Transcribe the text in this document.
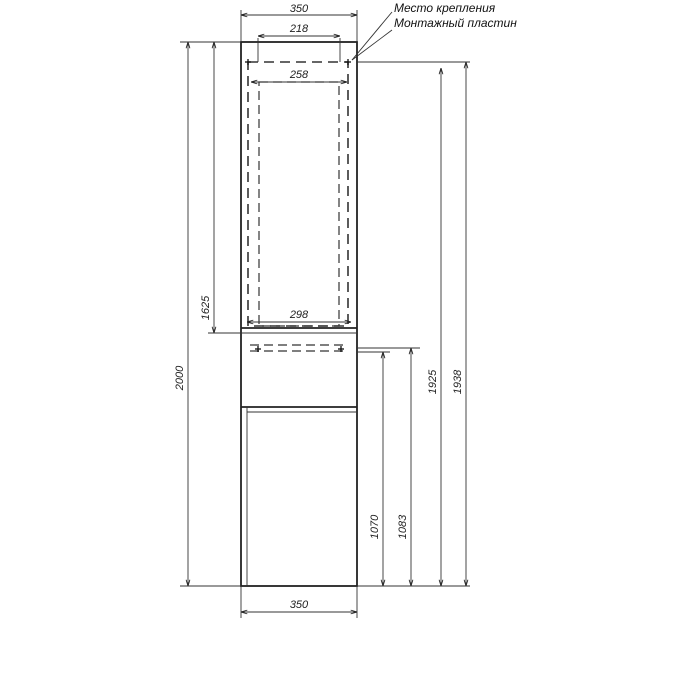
350
218
258
298
350
2000
1625
1925 1938
1070 1083
Место крепления
Монтажный пластин
